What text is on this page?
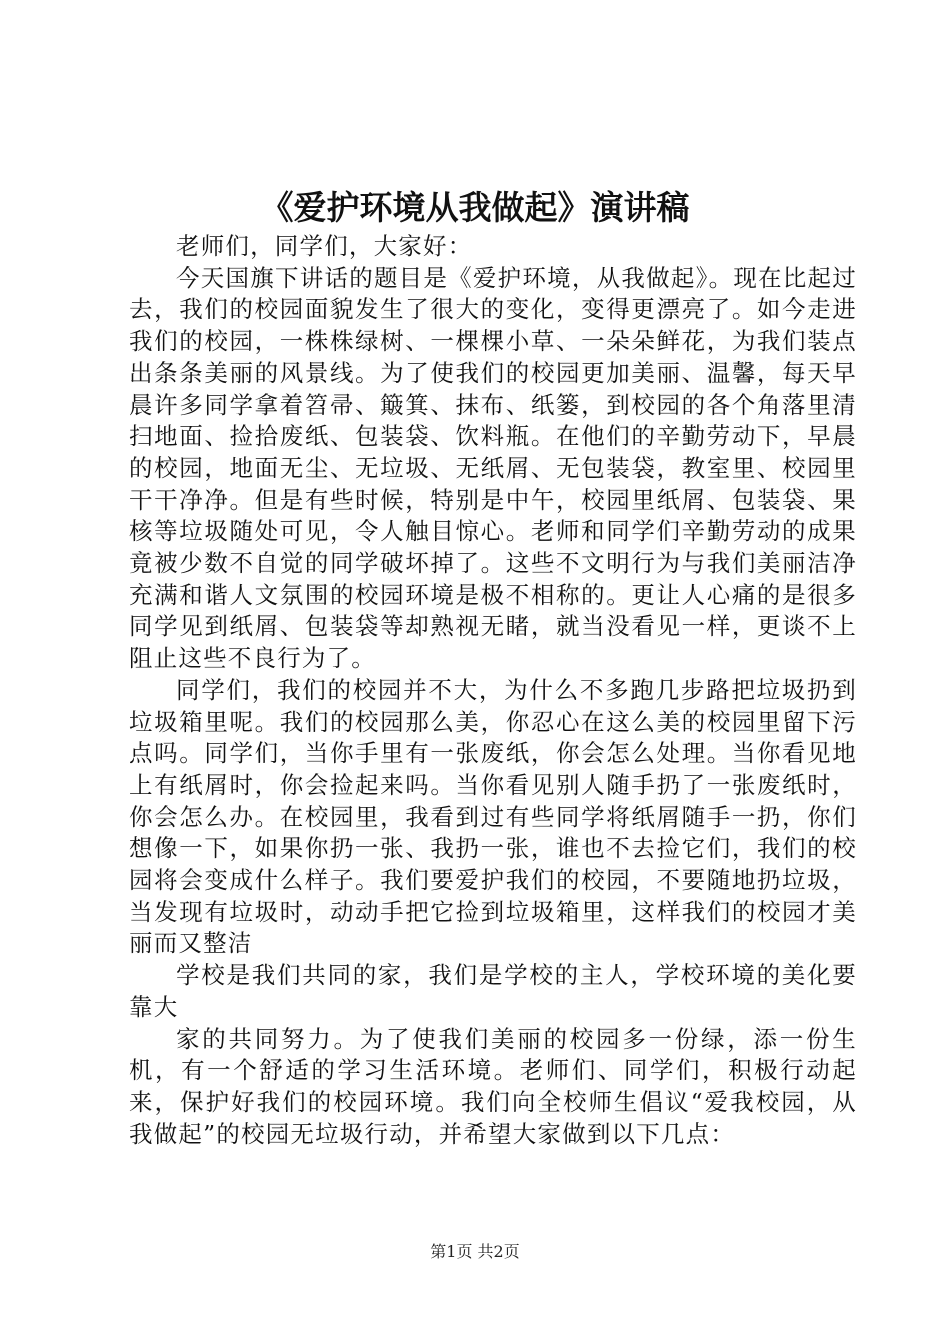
《爱护环境从我做起》演讲稿

老师们，同学们，大家好：

今天国旗下讲话的题目是《爱护环境，从我做起》。现在比起过去，我们的校园面貌发生了很大的变化，变得更漂亮了。如今走进我们的校园，一株株绿树、一棵棵小草、一朵朵鲜花，为我们装点出条条美丽的风景线。为了使我们的校园更加美丽、温馨，每天早晨许多同学拿着笤帚、簸箕、抹布、纸篓，到校园的各个角落里清扫地面、捡拾废纸、包装袋、饮料瓶。在他们的辛勤劳动下，早晨的校园，地面无尘、无垃圾、无纸屑、无包装袋，教室里、校园里干干净净。但是有些时候，特别是中午，校园里纸屑、包装袋、果核等垃圾随处可见，令人触目惊心。老师和同学们辛勤劳动的成果竟被少数不自觉的同学破坏掉了。这些不文明行为与我们美丽洁净充满和谐人文氛围的校园环境是极不相称的。更让人心痛的是很多同学见到纸屑、包装袋等却熟视无睹，就当没看见一样，更谈不上阻止这些不良行为了。

同学们，我们的校园并不大，为什么不多跑几步路把垃圾扔到垃圾箱里呢。我们的校园那么美，你忍心在这么美的校园里留下污点吗。同学们，当你手里有一张废纸，你会怎么处理。当你看见地上有纸屑时，你会捡起来吗。当你看见别人随手扔了一张废纸时，你会怎么办。在校园里，我看到过有些同学将纸屑随手一扔，你们想像一下，如果你扔一张、我扔一张，谁也不去捡它们，我们的校园将会变成什么样子。我们要爱护我们的校园，不要随地扔垃圾，当发现有垃圾时，动动手把它捡到垃圾箱里，这样我们的校园才美丽而又整洁

学校是我们共同的家，我们是学校的主人，学校环境的美化要靠大

家的共同努力。为了使我们美丽的校园多一份绿，添一份生机，有一个舒适的学习生活环境。老师们、同学们，积极行动起来，保护好我们的校园环境。我们向全校师生倡议“爱我校园，从我做起”的校园无垃圾行动，并希望大家做到以下几点：

第1页 共2页
